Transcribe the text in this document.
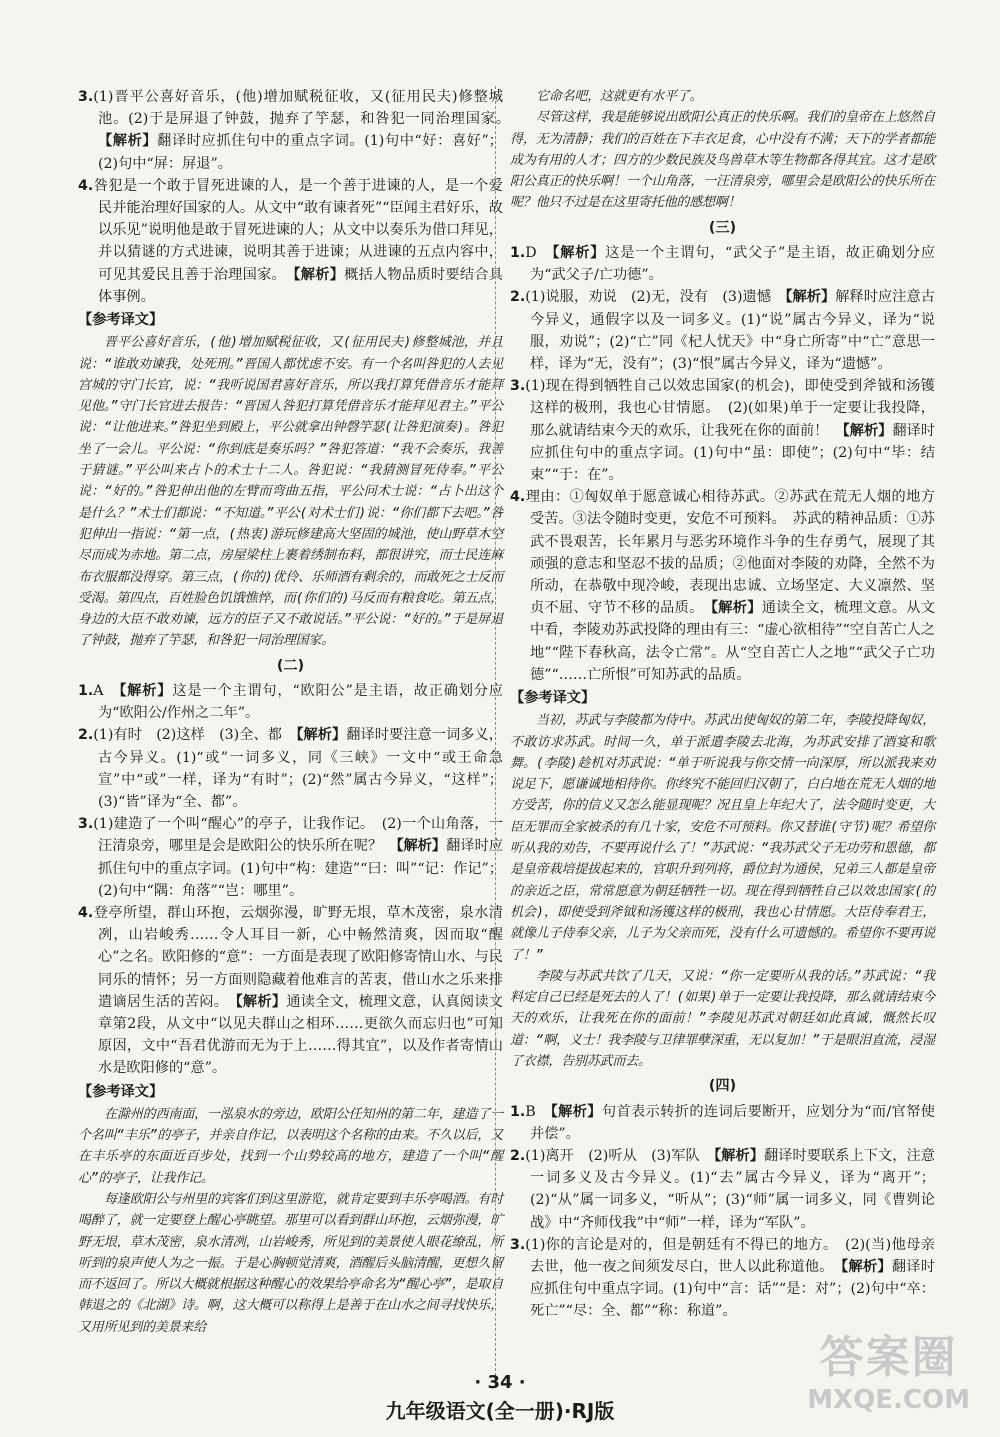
3.(1)晋平公喜好音乐，(他)增加赋税征收，又(征用民夫)修整城池。(2)于是屏退了钟鼓，抛弃了竽瑟，和咎犯一同治理国家。　【解析】翻译时应抓住句中的重点字词。(1)句中“好：喜好”；(2)句中“屏：屏退”。

4.咎犯是一个敢于冒死进谏的人，是一个善于进谏的人，是一个爱民并能治理好国家的人。从文中“敢有谏者死”“臣闻主君好乐，故以乐见”说明他是敢于冒死进谏的人；从文中以奏乐为借口拜见，并以猜谜的方式进谏，说明其善于进谏；从进谏的五点内容中，可见其爱民且善于治理国家。　 【解析】概括人物品质时要结合具体事例。

【参考译文】

晋平公喜好音乐，(他)增加赋税征收，又(征用民夫)修整城池，并且说：“谁敢劝谏我，处死刑。”晋国人都忧虑不安。有一个名叫咎犯的人去见宫城的守门长官，说：“我听说国君喜好音乐，所以我打算凭借音乐才能拜见他。”守门长官进去报告：“晋国人咎犯打算凭借音乐才能拜见君主。”平公说：“让他进来。”咎犯坐到殿上，平公就拿出钟磬竽瑟(让咎犯演奏)。咎犯坐了一会儿。平公说：“你到底是奏乐吗？”咎犯答道：“我不会奏乐，我善于猜谜。”平公叫来占卜的术士十二人。咎犯说：“我猜测冒死侍奉。”平公说：“好的。”咎犯伸出他的左臂而弯曲五指，平公问术士说：“占卜出这个是什么？”术士们都说：“不知道。”平公(对术士们)说：“你们都下去吧。”咎犯伸出一指说：“第一点，(热衷)游玩修建高大坚固的城池，使山野草木空尽而成为赤地。第二点，房屋梁柱上裹着绣制布料，都很讲究，而士民连麻布衣服都没得穿。第三点，(你的)优伶、乐师酒有剩余的，而敢死之士反而受渴。第四点，百姓脸色饥饿憔悴，而(你们的)马反而有粮食吃。第五点，身边的大臣不敢劝谏，远方的臣子又不敢说话。”平公说：“好的。”于是屏退了钟鼓，抛弃了竽瑟，和咎犯一同治理国家。

(二)

1.A　 【解析】这是一个主谓句，“欧阳公”是主语，故正确划分应为“欧阳公/作州之二年”。

2.(1)有时　(2)这样　(3)全、都　 【解析】翻译时要注意一词多义，古今异义。(1)“或”一词多义，同《三峡》一文中“或王命急宣”中“或”一样，译为“有时”；(2)“然”属古今异义，“这样”；(3)“皆”译为“全、都”。

3.(1)建造了一个叫“醒心”的亭子，让我作记。　(2)一个山角落，一汪清泉旁，哪里是会是欧阳公的快乐所在呢？　 【解析】翻译时应抓住句中的重点字词。(1)句中“构：建造”“曰：叫”“记：作记”；(2)句中“隅：角落”“岂：哪里”。

4.登亭所望，群山环抱，云烟弥漫，旷野无垠，草木茂密，泉水清冽，山岩峻秀……令人耳目一新，心中畅然清爽，因而取“醒心”之名。欧阳修的“意”：一方面是表现了欧阳修寄情山水、与民同乐的情怀；另一方面则隐藏着他难言的苦衷，借山水之乐来排遣谪居生活的苦闷。　 【解析】通读全文，梳理文意，认真阅读文章第2段，从文中“以见夫群山之相环……更欲久而忘归也”可知原因，文中“吾君优游而无为于上……得其宜”，以及作者寄情山水是欧阳修的“意”。

【参考译文】

在滁州的西南面，一泓泉水的旁边，欧阳公任知州的第二年，建造了一个名叫“丰乐”的亭子，并亲自作记，以表明这个名称的由来。不久以后，又在丰乐亭的东面近百步处，找到一个山势较高的地方，建造了一个叫“醒心”的亭子，让我作记。

每逢欧阳公与州里的宾客们到这里游览，就肯定要到丰乐亭喝酒。有时喝醉了，就一定要登上醒心亭眺望。那里可以看到群山环抱，云烟弥漫，旷野无垠，草木茂密，泉水清冽，山岩峻秀，所见到的美景使人眼花缭乱，所听到的泉声使人为之一振。于是心胸顿觉清爽，酒醒后头脑清醒，更想久留而不返回了。所以大概就根据这种醒心的效果给亭命名为“醒心亭”，是取自韩退之的《北湖》诗。啊，这大概可以称得上是善于在山水之间寻找快乐，又用所见到的美景来给

它命名吧，这就更有水平了。

尽管这样，我是能够说出欧阳公真正的快乐啊。我们的皇帝在上悠然自得，无为清静；我们的百姓在下丰衣足食，心中没有不满；天下的学者都能成为有用的人才；四方的少数民族及鸟兽草木等生物都各得其宜。这才是欧阳公真正的快乐啊！一个山角落，一汪清泉旁，哪里会是欧阳公的快乐所在呢？他只不过是在这里寄托他的感想啊！

(三)

1.D　 【解析】这是一个主谓句，“武父子”是主语，故正确划分应为“武父子/亡功德”。

2.(1)说服，劝说　(2)无，没有　(3)遗憾　 【解析】解释时应注意古今异义，通假字以及一词多义。(1)“说”属古今异义，译为“说服，劝说”；(2)“亡”同《杞人忧天》中“身亡所寄”中“亡”意思一样，译为“无，没有”；(3)“恨”属古今异义，译为“遗憾”。

3.(1)现在得到牺牲自己以效忠国家(的机会)，即使受到斧钺和汤镬这样的极刑，我也心甘情愿。　(2)(如果)单于一定要让我投降，那么就请结束今天的欢乐，让我死在你的面前！　 【解析】翻译时应抓住句中的重点字词。(1)句中“虽：即使”；(2)句中“毕：结束”“于：在”。

4.理由：①匈奴单于愿意诚心相待苏武。②苏武在荒无人烟的地方受苦。③法令随时变更，安危不可预料。　苏武的精神品质：①苏武不畏艰苦，长年累月与恶劣环境作斗争的生存勇气，展现了其顽强的意志和坚忍不拔的品质；②他面对李陵的劝降，全然不为所动，在恭敬中现冷峻，表现出忠诚、立场坚定、大义凛然、坚贞不屈、守节不移的品质。　 【解析】通读全文，梳理文意。从文中看，李陵劝苏武投降的理由有三：“虚心欲相待”“空自苦亡人之地”“陛下春秋高，法令亡常”。从“空自苦亡人之地”“武父子亡功德”“……亡所恨”可知苏武的品质。

【参考译文】

当初，苏武与李陵都为侍中。苏武出使匈奴的第二年，李陵投降匈奴，不敢访求苏武。时间一久，单于派遣李陵去北海，为苏武安排了酒宴和歌舞。(李陵)趁机对苏武说：“单于听说我与你交情一向深厚，所以派我来劝说足下，愿谦诚地相待你。你终究不能回归汉朝了，白白地在荒无人烟的地方受苦，你的信义又怎么能显现呢？况且皇上年纪大了，法令随时变更，大臣无罪而全家被杀的有几十家，安危不可预料。你又替谁(守节)呢？希望你听从我的劝告，不要再说什么了！”苏武说：“我苏武父子无功劳和恩德，都是皇帝栽培提拔起来的，官职升到列将，爵位封为通侯，兄弟三人都是皇帝的亲近之臣，常常愿意为朝廷牺牲一切。现在得到牺牲自己以效忠国家(的机会)，即使受到斧钺和汤镬这样的极刑，我也心甘情愿。大臣侍奉君王，就像儿子侍奉父亲，儿子为父亲而死，没有什么可遗憾的。希望你不要再说了！”

李陵与苏武共饮了几天，又说：“你一定要听从我的话。”苏武说：“我料定自己已经是死去的人了！(如果)单于一定要让我投降，那么就请结束今天的欢乐，让我死在你的面前！”李陵见苏武对朝廷如此真诚，慨然长叹道：“啊，义士！我李陵与卫律罪孽深重，无以复加！”于是眼泪直流，浸湿了衣襟，告别苏武而去。

(四)

1.B　 【解析】句首表示转折的连词后要断开，应划分为“而/官帑使并偿”。

2.(1)离开　(2)听从　(3)军队　 【解析】翻译时要联系上下文，注意一词多义及古今异义。(1)“去”属古今异义，译为“离开”；(2)“从”属一词多义，“听从”；(3)“师”属一词多义，同《曹刿论战》中“齐师伐我”中“师”一样，译为“军队”。

3.(1)你的言论是对的，但是朝廷有不得已的地方。　(2)(当)他母亲去世，他一夜之间须发尽白，世人以此称道他。　 【解析】翻译时应抓住句中重点字词。(1)句中“言：话”“是：对”；(2)句中“卒：死亡”“尽：全、都”“称：称道”。

· 34 ·
九年级语文(全一册)·RJ版
答案圈
MXQE.COM
